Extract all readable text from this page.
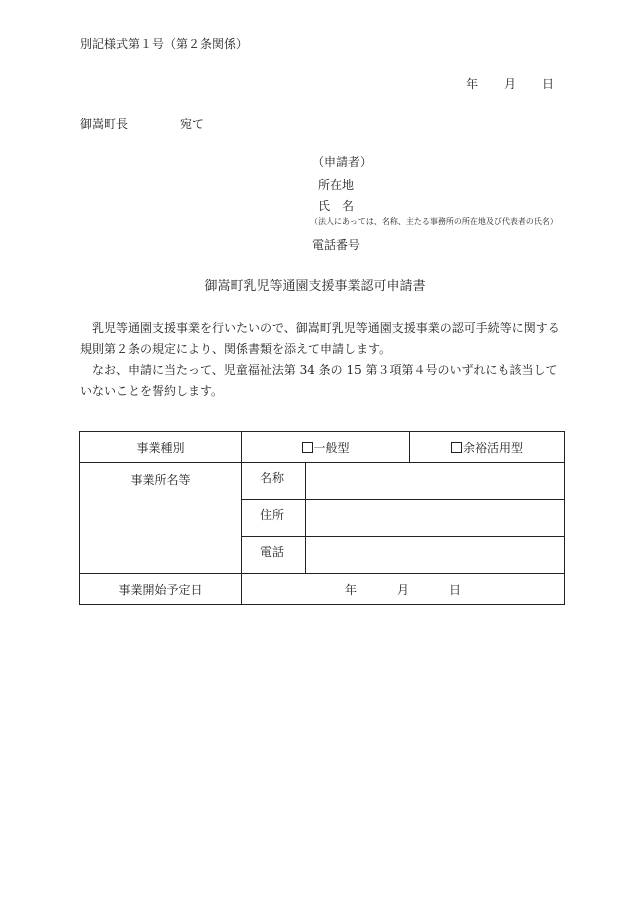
別記様式第１号（第２条関係）
年 月 日
御嵩町長	宛て
（申請者）
所在地
氏 名
（法人にあっては、名称、主たる事務所の所在地及び代表者の氏名）
電話番号
御嵩町乳児等通園支援事業認可申請書

乳児等通園支援事業を行いたいので、御嵩町乳児等通園支援事業の認可手続等に関する規則第２条の規定により、関係書類を添えて申請します。

なお、申請に当たって、児童福祉法第 34 条の 15 第３項第４号のいずれにも該当していないことを誓約します。

事業種別	一般型		余裕活用型
事業所名等	名称		
	住所		
	電話		
事業開始予定日	年 月 日		
